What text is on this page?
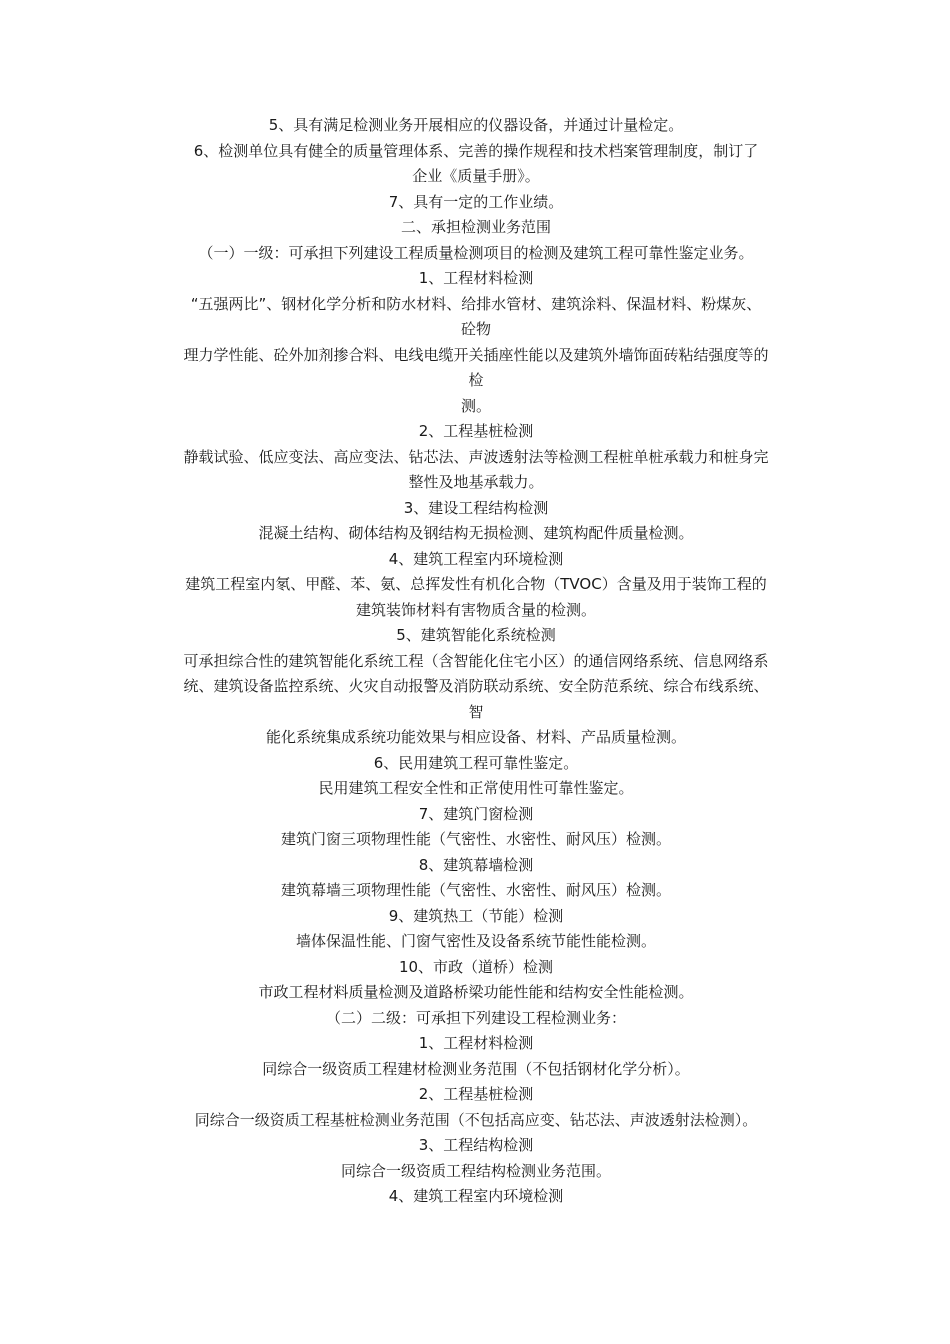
5、具有满足检测业务开展相应的仪器设备，并通过计量检定。
6、检测单位具有健全的质量管理体系、完善的操作规程和技术档案管理制度，制订了
企业《质量手册》。
7、具有一定的工作业绩。
二、承担检测业务范围
（一）一级：可承担下列建设工程质量检测项目的检测及建筑工程可靠性鉴定业务。
1、工程材料检测
“五强两比”、钢材化学分析和防水材料、给排水管材、建筑涂料、保温材料、粉煤灰、
砼物
理力学性能、砼外加剂掺合料、电线电缆开关插座性能以及建筑外墙饰面砖粘结强度等的
检
测。
2、工程基桩检测
静载试验、低应变法、高应变法、钻芯法、声波透射法等检测工程桩单桩承载力和桩身完
整性及地基承载力。
3、建设工程结构检测
混凝土结构、砌体结构及钢结构无损检测、建筑构配件质量检测。
4、建筑工程室内环境检测
建筑工程室内氡、甲醛、苯、氨、总挥发性有机化合物（TVOC）含量及用于装饰工程的
建筑装饰材料有害物质含量的检测。
5、建筑智能化系统检测
可承担综合性的建筑智能化系统工程（含智能化住宅小区）的通信网络系统、信息网络系
统、建筑设备监控系统、火灾自动报警及消防联动系统、安全防范系统、综合布线系统、
智
能化系统集成系统功能效果与相应设备、材料、产品质量检测。
6、民用建筑工程可靠性鉴定。
民用建筑工程安全性和正常使用性可靠性鉴定。
7、建筑门窗检测
建筑门窗三项物理性能（气密性、水密性、耐风压）检测。
8、建筑幕墙检测
建筑幕墙三项物理性能（气密性、水密性、耐风压）检测。
9、建筑热工（节能）检测
墙体保温性能、门窗气密性及设备系统节能性能检测。
10、市政（道桥）检测
市政工程材料质量检测及道路桥梁功能性能和结构安全性能检测。
（二）二级：可承担下列建设工程检测业务：
1、工程材料检测
同综合一级资质工程建材检测业务范围（不包括钢材化学分析）。
2、工程基桩检测
同综合一级资质工程基桩检测业务范围（不包括高应变、钻芯法、声波透射法检测）。
3、工程结构检测
同综合一级资质工程结构检测业务范围。
4、建筑工程室内环境检测
